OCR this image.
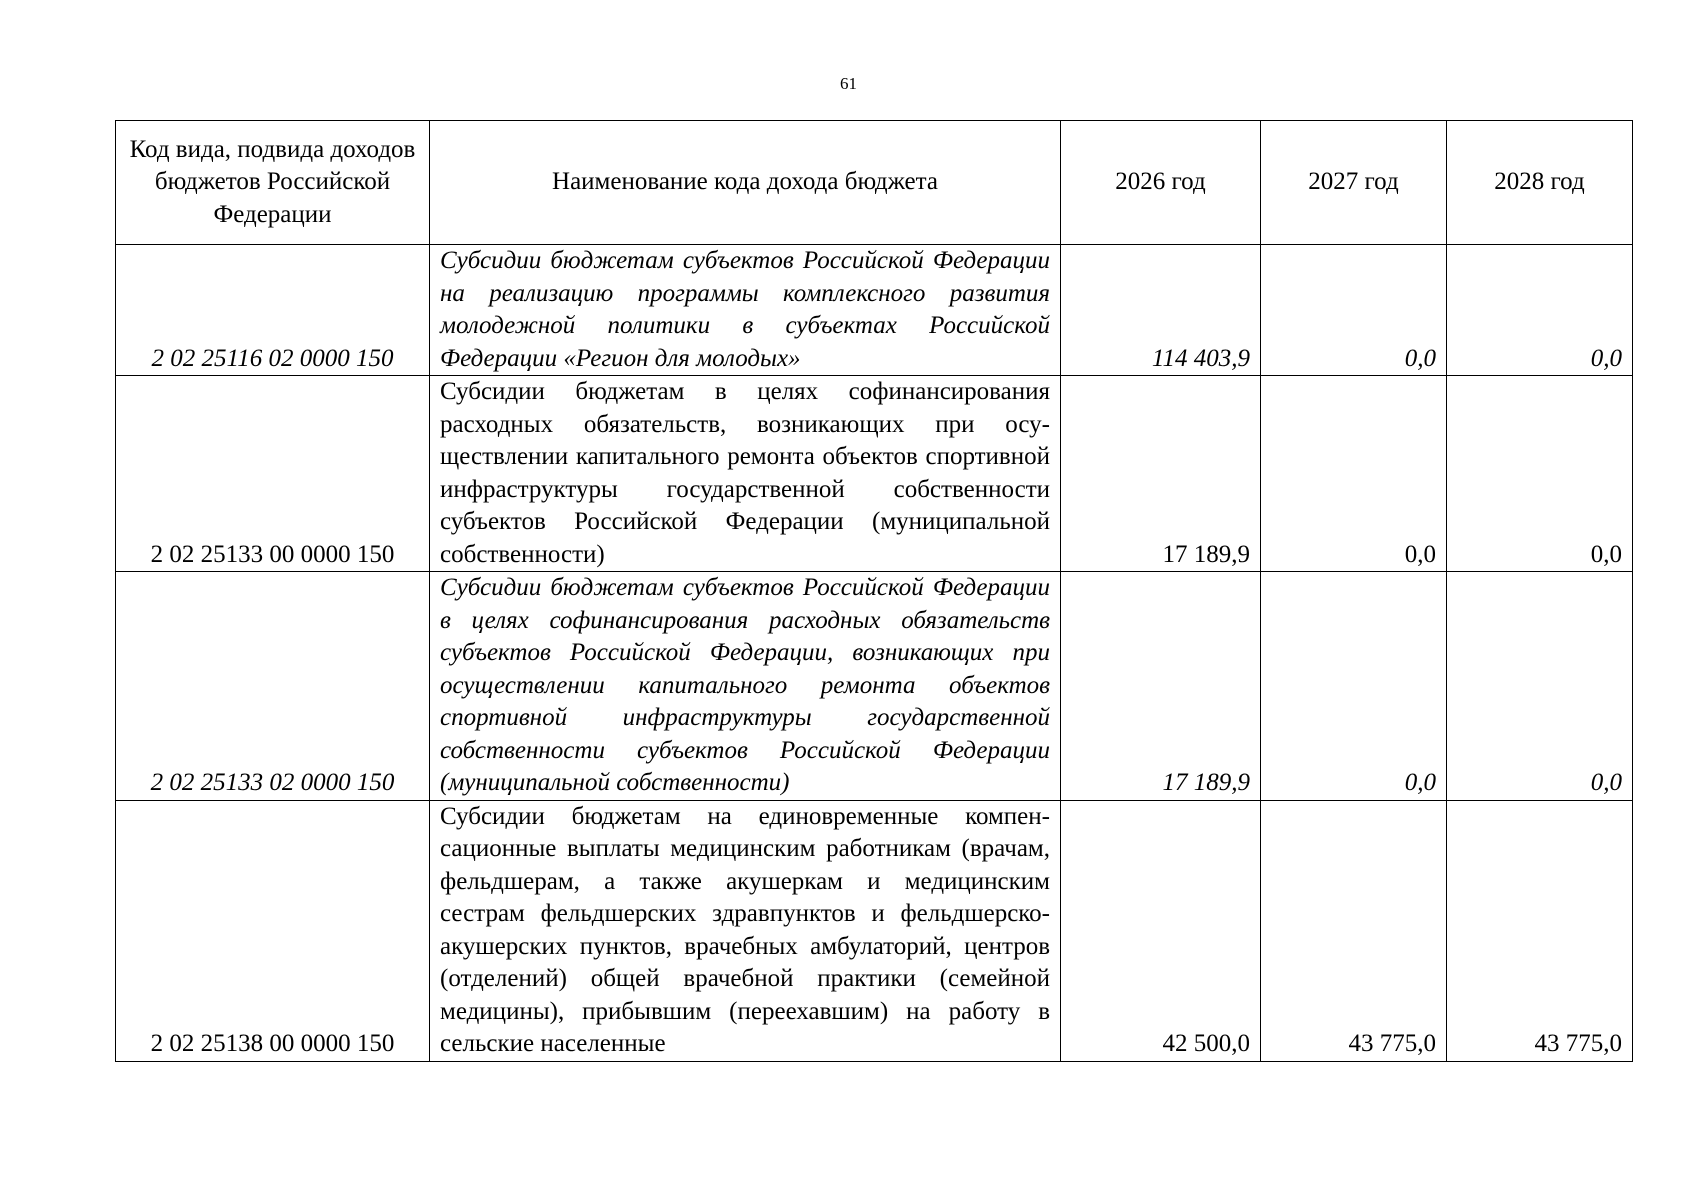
61
Код вида, подвида доходов бюджетов Российской Федерации	Наименование кода дохода бюджета	2026 год	2027 год	2028 год
2 02 25116 02 0000 150	Субсидии бюджетам субъектов Российской Федерации на реализацию программы комплексного развития молодежной политики в субъектах Российской Федерации «Регион для молодых»	114 403,9	0,0	0,0
2 02 25133 00 0000 150	Субсидии бюджетам в целях софинансирования расходных обязательств, возникающих при осуществлении капитального ремонта объектов спортивной инфраструктуры государственной собственности субъектов Российской Федерации (муниципальной собственности)	17 189,9	0,0	0,0
2 02 25133 02 0000 150	Субсидии бюджетам субъектов Российской Федерации в целях софинансирования расходных обязательств субъектов Российской Федерации, возникающих при осуществлении капитального ремонта объектов спортивной инфраструктуры государственной собственности субъектов Российской Федерации (муниципальной собственности)	17 189,9	0,0	0,0
2 02 25138 00 0000 150	Субсидии бюджетам на единовременные компенсационные выплаты медицинским работникам (врачам, фельдшерам, а также акушеркам и медицинским сестрам фельдшерских здравпунктов и фельдшерско-акушерских пунктов, врачебных амбулаторий, центров (отделений) общей врачебной практики (семейной медицины), прибывшим (переехавшим) на работу в сельские населенные	42 500,0	43 775,0	43 775,0
